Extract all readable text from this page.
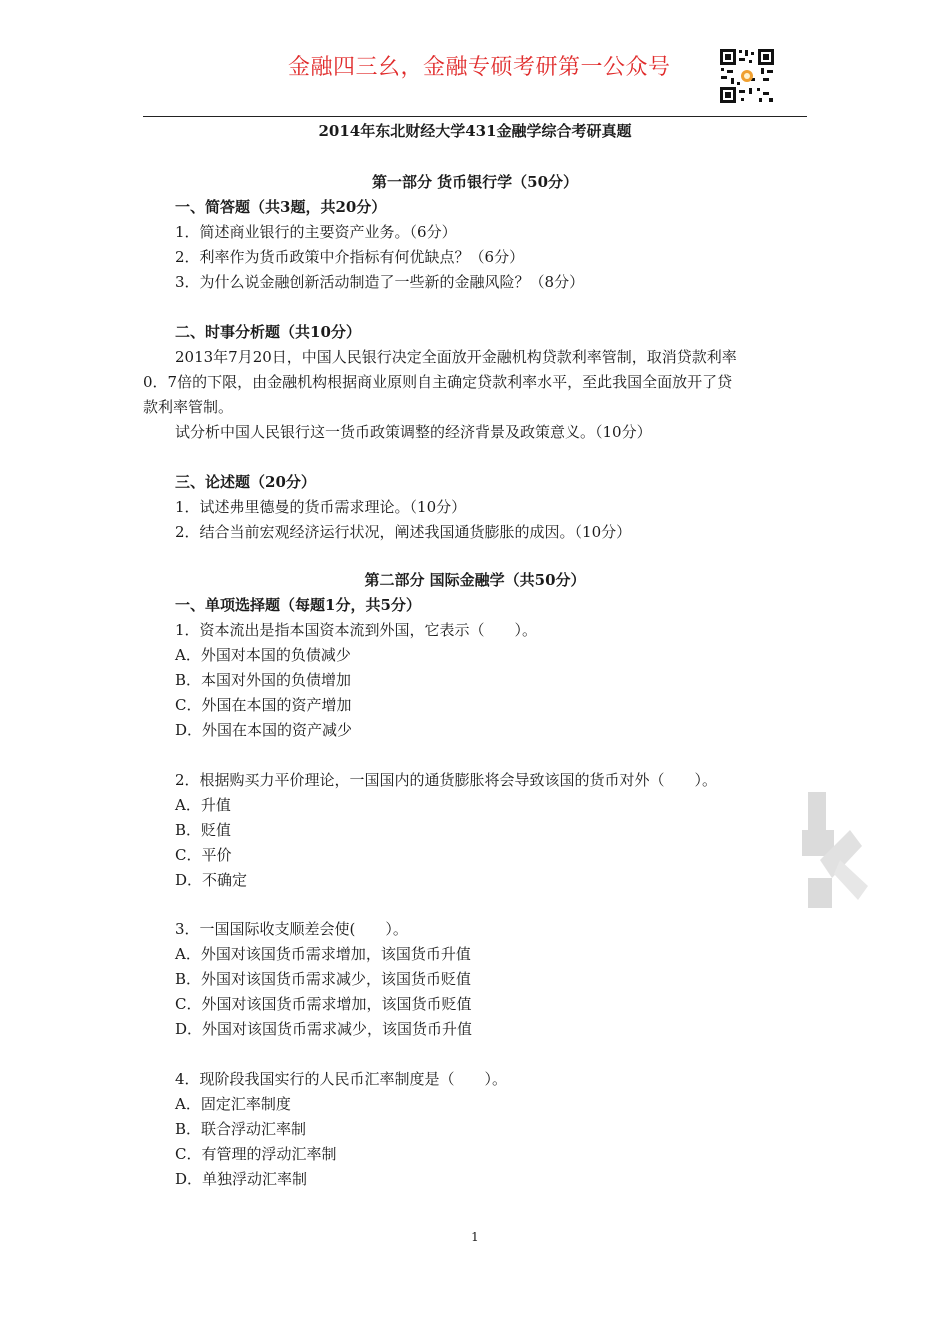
金融四三幺，金融专硕考研第一公众号
2014年东北财经大学431金融学综合考研真题
第一部分 货币银行学（50分）
一、简答题（共3题，共20分）
1．简述商业银行的主要资产业务。（6分）
2．利率作为货币政策中介指标有何优缺点？（6分）
3．为什么说金融创新活动制造了一些新的金融风险？（8分）
二、时事分析题（共10分）
2013年7月20日，中国人民银行决定全面放开金融机构贷款利率管制，取消贷款利率
0．7倍的下限，由金融机构根据商业原则自主确定贷款利率水平，至此我国全面放开了贷
款利率管制。
试分析中国人民银行这一货币政策调整的经济背景及政策意义。（10分）
三、论述题（20分）
1．试述弗里德曼的货币需求理论。（10分）
2．结合当前宏观经济运行状况，阐述我国通货膨胀的成因。（10分）
第二部分 国际金融学（共50分）
一、单项选择题（每题1分，共5分）
1．资本流出是指本国资本流到外国，它表示（　　）。
A．外国对本国的负债减少
B．本国对外国的负债增加
C．外国在本国的资产增加
D．外国在本国的资产减少
2．根据购买力平价理论，一国国内的通货膨胀将会导致该国的货币对外（　　）。
A．升值
B．贬值
C．平价
D．不确定
3．一国国际收支顺差会使(　　）。
A．外国对该国货币需求增加，该国货币升值
B．外国对该国货币需求减少，该国货币贬值
C．外国对该国货币需求增加，该国货币贬值
D．外国对该国货币需求减少，该国货币升值
4．现阶段我国实行的人民币汇率制度是（　　）。
A．固定汇率制度
B．联合浮动汇率制
C．有管理的浮动汇率制
D．单独浮动汇率制
1
